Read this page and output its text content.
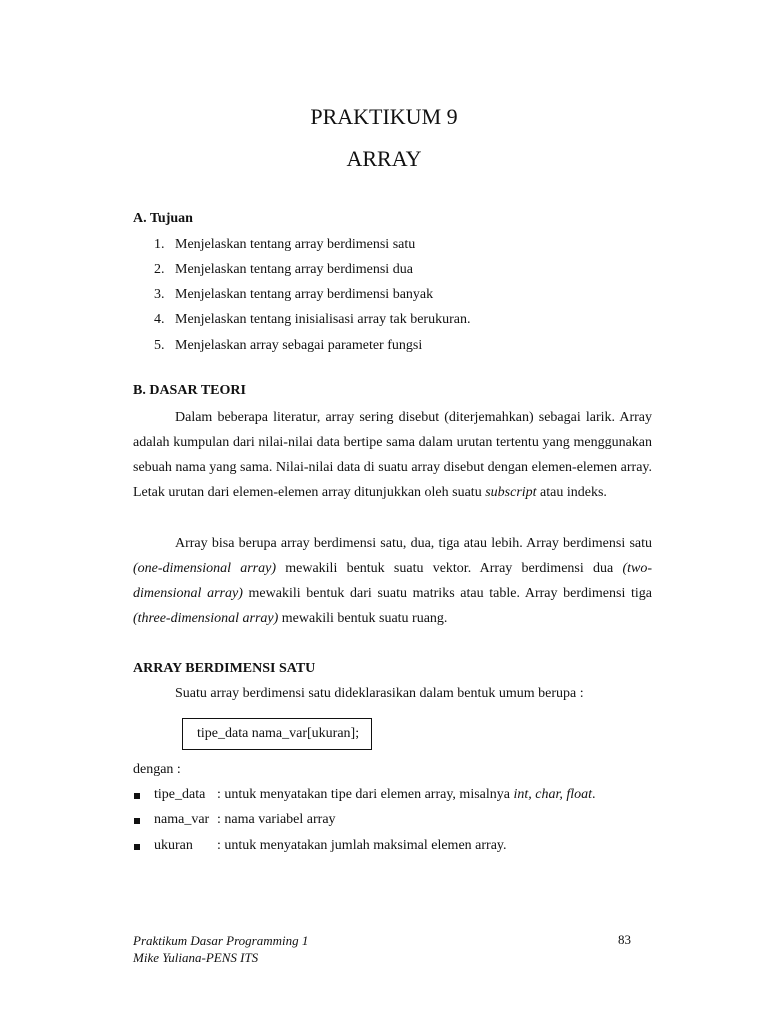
PRAKTIKUM 9
ARRAY
A. Tujuan
1. Menjelaskan tentang array berdimensi satu
2. Menjelaskan tentang array berdimensi dua
3. Menjelaskan tentang array berdimensi banyak
4. Menjelaskan tentang inisialisasi array tak berukuran.
5. Menjelaskan array sebagai parameter fungsi
B. DASAR TEORI
Dalam beberapa literatur, array sering disebut (diterjemahkan) sebagai larik. Array adalah kumpulan dari nilai-nilai data bertipe sama dalam urutan tertentu yang menggunakan sebuah nama yang sama. Nilai-nilai data di suatu array disebut dengan elemen-elemen array. Letak urutan dari elemen-elemen array ditunjukkan oleh suatu subscript atau indeks.
Array bisa berupa array berdimensi satu, dua, tiga atau lebih. Array berdimensi satu (one-dimensional array) mewakili bentuk suatu vektor. Array berdimensi dua (two-dimensional array) mewakili bentuk dari suatu matriks atau table. Array berdimensi tiga (three-dimensional array) mewakili bentuk suatu ruang.
ARRAY BERDIMENSI SATU
Suatu array berdimensi satu dideklarasikan dalam bentuk umum berupa :
tipe_data nama_var[ukuran];
dengan :
tipe_data : untuk menyatakan tipe dari elemen array, misalnya int, char, float.
nama_var : nama variabel array
ukuran : untuk menyatakan jumlah maksimal elemen array.
Praktikum Dasar Programming 1
Mike Yuliana-PENS ITS
83
